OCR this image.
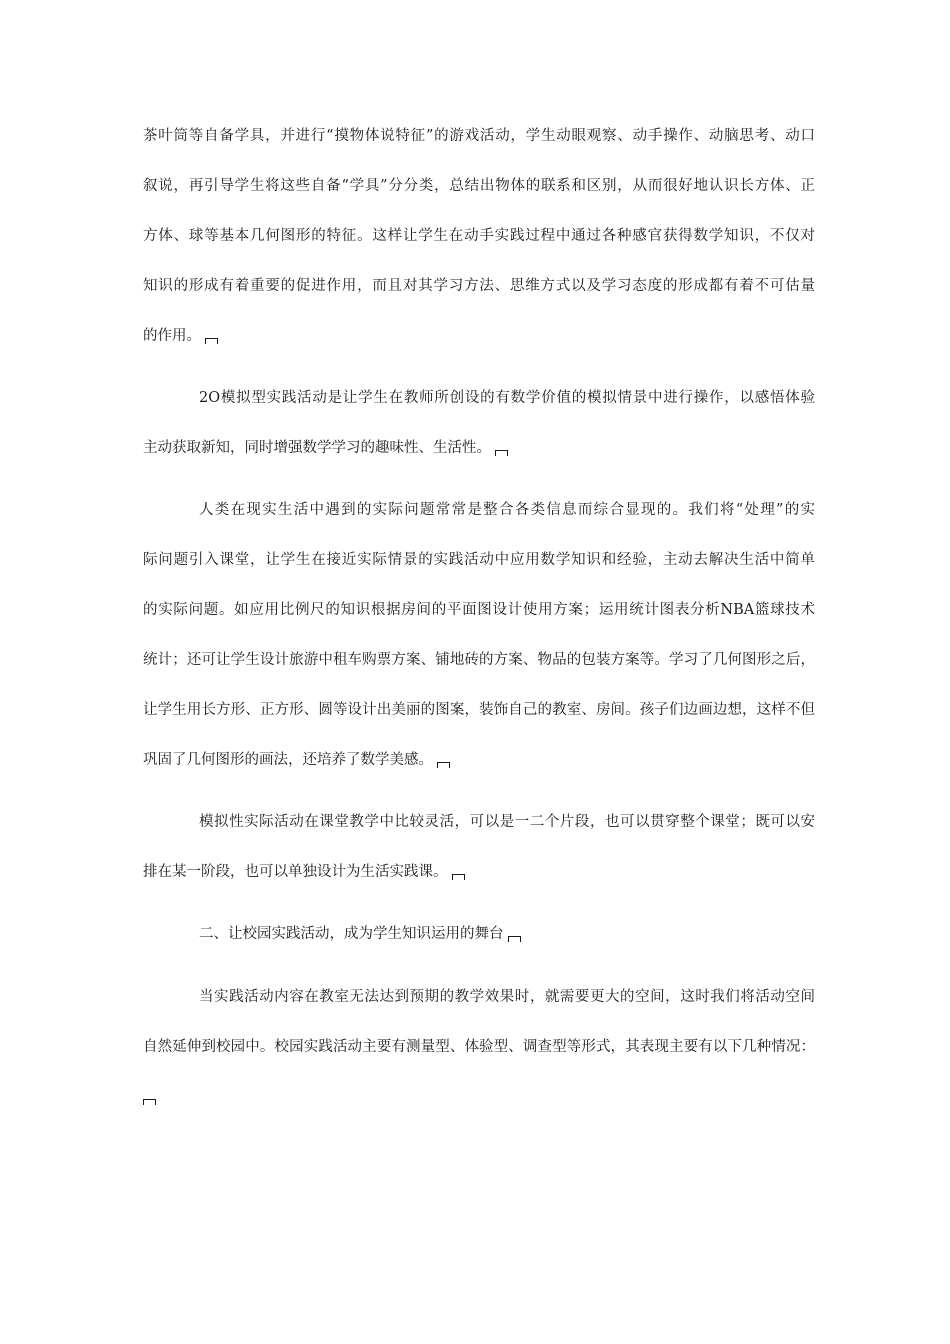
茶叶筒等自备学具，并进行“摸物体说特征”的游戏活动，学生动眼观察、动手操作、动脑思考、动口
叙说，再引导学生将这些自备“学具”分分类，总结出物体的联系和区别，从而很好地认识长方体、正
方体、球等基本几何图形的特征。这样让学生在动手实践过程中通过各种感官获得数学知识，不仅对
知识的形成有着重要的促进作用，而且对其学习方法、思维方式以及学习态度的形成都有着不可估量
的作用。
2O模拟型实践活动是让学生在教师所创设的有数学价值的模拟情景中进行操作，以感悟体验
主动获取新知，同时增强数学学习的趣味性、生活性。
人类在现实生活中遇到的实际问题常常是整合各类信息而综合显现的。我们将“处理”的实
际问题引入课堂，让学生在接近实际情景的实践活动中应用数学知识和经验，主动去解决生活中简单
的实际问题。如应用比例尺的知识根据房间的平面图设计使用方案；运用统计图表分析NBA篮球技术
统计；还可让学生设计旅游中租车购票方案、铺地砖的方案、物品的包装方案等。学习了几何图形之后，
让学生用长方形、正方形、圆等设计出美丽的图案，装饰自己的教室、房间。孩子们边画边想，这样不但
巩固了几何图形的画法，还培养了数学美感。
模拟性实际活动在课堂教学中比较灵活，可以是一二个片段，也可以贯穿整个课堂；既可以安
排在某一阶段，也可以单独设计为生活实践课。
二、让校园实践活动，成为学生知识运用的舞台
当实践活动内容在教室无法达到预期的教学效果时，就需要更大的空间，这时我们将活动空间
自然延伸到校园中。校园实践活动主要有测量型、体验型、调查型等形式，其表现主要有以下几种情况：
